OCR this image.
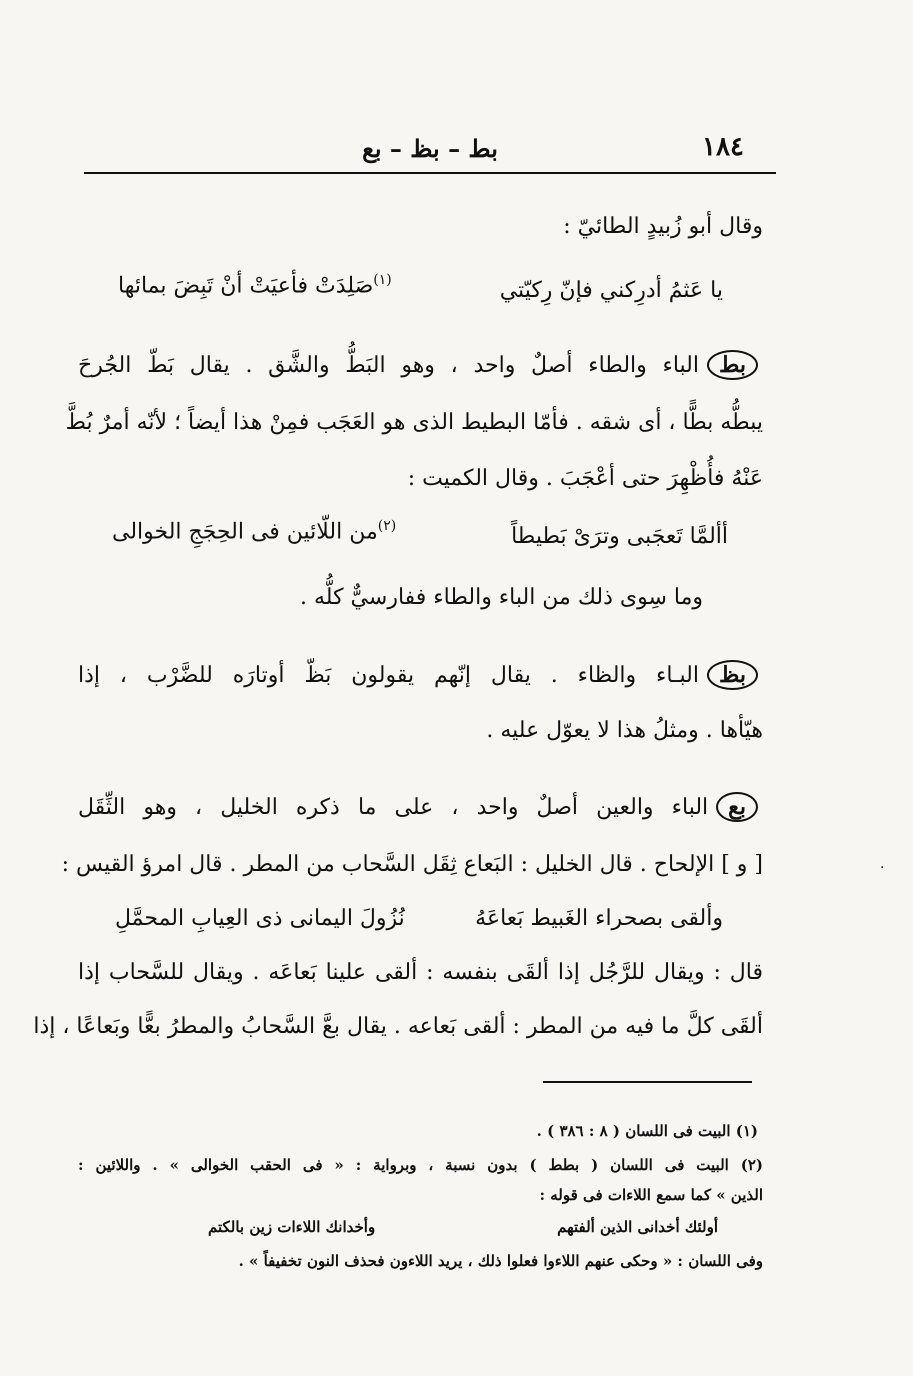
١٨٤
بط – بظ – بع
وقال أبو زُبيدٍ الطائيّ :
يا عَثمُ أدرِكني فإنّ رِكيّتي
$^{(١)}$صَلِدَتْ فأعيَتْ أنْ تَبِضَ بمائها
بطالباء والطاء أصلٌ واحد ، وهو البَطُّ والشَّق . يقال بَطّ الجُرحَ
يبطُّه بطًّا ، أى شقه . فأمّا البطيط الذى هو العَجَب فمِنْ هذا أيضاً ؛ لأنّه أمرٌ بُطَّ
عَنْهُ فأُظْهِرَ حتى أعْجَبَ . وقال الكميت :
أألمَّا تَعجَبى وترَىْ بَطيطاً
$^{(٢)}$من اللّائين فى الحِجَجِ الخوالى
وما سِوى ذلك من الباء والطاء ففارسيٌّ كلُّه .
بظالبـاء والظاء . يقال إنّهم يقولون بَظّ أوتارَه للضَّرْب ، إذا
هيّأها . ومثلُ هذا لا يعوّل عليه .
بعالباء والعين أصلٌ واحد ، على ما ذكره الخليل ، وهو الثِّقَل
[ و ] الإلحاح . قال الخليل : البَعاع ثِقَل السَّحاب من المطر . قال امرؤ القيس :
وألقى بصحراء الغَبيط بَعاعَهُ
نُزُولَ اليمانى ذى العِيابِ المحمَّلِ
قال : ويقال للرَّجُل إذا ألقَى بنفسه : ألقى علينا بَعاعَه . ويقال للسَّحاب إذا
ألقَى كلَّ ما فيه من المطر : ألقى بَعاعه . يقال بعَّ السَّحابُ والمطرُ بعًّا وبَعاعًا ، إذا
·
(١) البيت فى اللسان ( ٨ : ٣٨٦ ) .
(٢) البيت فى اللسان ( بطط ) بدون نسبة ، وبرواية : « فى الحقب الخوالى » . واللائين :
الذين » كما سمع اللاءات فى قوله :
أولئك أخدانى الذين ألفتهم
وأخدانك اللاءات زين بالكتم
وفى اللسان : « وحكى عنهم اللاءوا فعلوا ذلك ، يريد اللاءون فحذف النون تخفيفاً » .
